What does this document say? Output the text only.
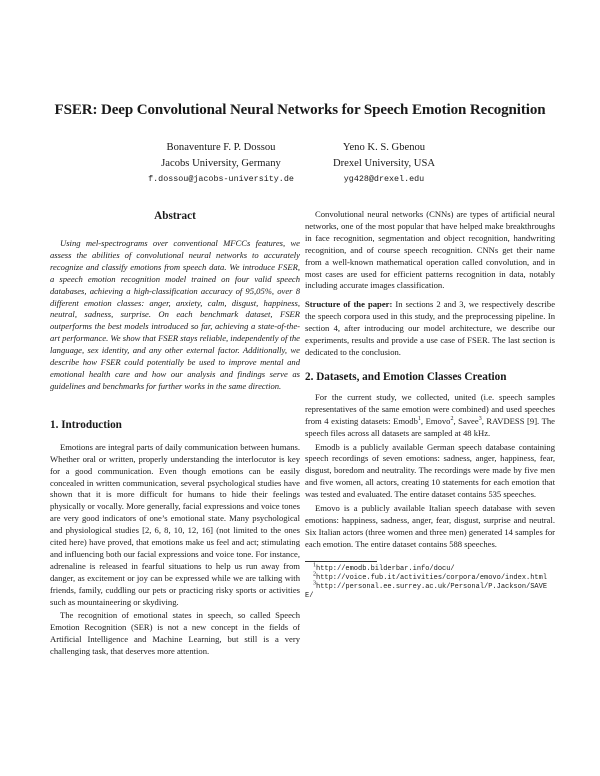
FSER: Deep Convolutional Neural Networks for Speech Emotion Recognition
Bonaventure F. P. Dossou
Jacobs University, Germany
f.dossou@jacobs-university.de
Yeno K. S. Gbenou
Drexel University, USA
yg428@drexel.edu
Abstract

Using mel-spectrograms over conventional MFCCs features, we assess the abilities of convolutional neural networks to accurately recognize and classify emotions from speech data. We introduce FSER, a speech emotion recognition model trained on four valid speech databases, achieving a high-classification accuracy of 95,05%, over 8 different emotion classes: anger, anxiety, calm, disgust, happiness, neutral, sadness, surprise. On each benchmark dataset, FSER outperforms the best models introduced so far, achieving a state-of-the-art performance. We show that FSER stays reliable, independently of the language, sex identity, and any other external factor. Additionally, we describe how FSER could potentially be used to improve mental and emotional health care and how our analysis and findings serve as guidelines and benchmarks for further works in the same direction.

1. Introduction

Emotions are integral parts of daily communication between humans. Whether oral or written, properly understanding the interlocutor is key for a good communication. Even though emotions can be easily concealed in written communication, several psychological studies have shown that it is more difficult for humans to hide their feelings physically or vocally. More generally, facial expressions and voice tones are very good indicators of one’s emotional state. Many psychological and physiological studies [2, 6, 8, 10, 12, 16] (not limited to the ones cited here) have proved, that emotions make us feel and act; stimulating and influencing both our facial expressions and voice tone. For instance, adrenaline is released in fearful situations to help us run away from danger, as excitement or joy can be expressed while we are talking with friends, family, cuddling our pets or practicing risky sports or activities such as mountaineering or skydiving.

The recognition of emotional states in speech, so called Speech Emotion Recognition (SER) is not a new concept in the fields of Artificial Intelligence and Machine Learning, but still is a very challenging task, that deserves more attention.

Convolutional neural networks (CNNs) are types of artificial neural networks, one of the most popular that have helped make breakthroughs in face recognition, segmentation and object recognition, handwriting recognition, and of course speech recognition. CNNs get their name from a well-known mathematical operation called convolution, and in most cases are used for efficient patterns recognition in data, notably including accurate images classification.

Structure of the paper: In sections 2 and 3, we respectively describe the speech corpora used in this study, and the preprocessing pipeline. In section 4, after introducing our model architecture, we describe our experiments, results and provide a use case of FSER. The last section is dedicated to the conclusion.

2. Datasets, and Emotion Classes Creation

For the current study, we collected, united (i.e. speech samples representatives of the same emotion were combined) and used speeches from 4 existing datasets: Emodb$^1$, Emovo$^2$, Savee$^3$, RAVDESS [9]. The speech files across all datasets are sampled at 48 kHz.

Emodb is a publicly available German speech database containing speech recordings of seven emotions: sadness, anger, happiness, fear, disgust, boredom and neutrality. The recordings were made by five men and five women, all actors, creating 10 statements for each emotion that was tested and evaluated. The entire dataset contains 535 speeches.

Emovo is a publicly available Italian speech database with seven emotions: happiness, sadness, anger, fear, disgust, surprise and neutral. Six Italian actors (three women and three men) generated 14 samples for each emotion. The entire dataset contains 588 speeches.

$^1$http://emodb.bilderbar.info/docu/

$^2$http://voice.fub.it/activities/corpora/emovo/index.html

$^3$http://personal.ee.surrey.ac.uk/Personal/P.Jackson/SAVEE/
